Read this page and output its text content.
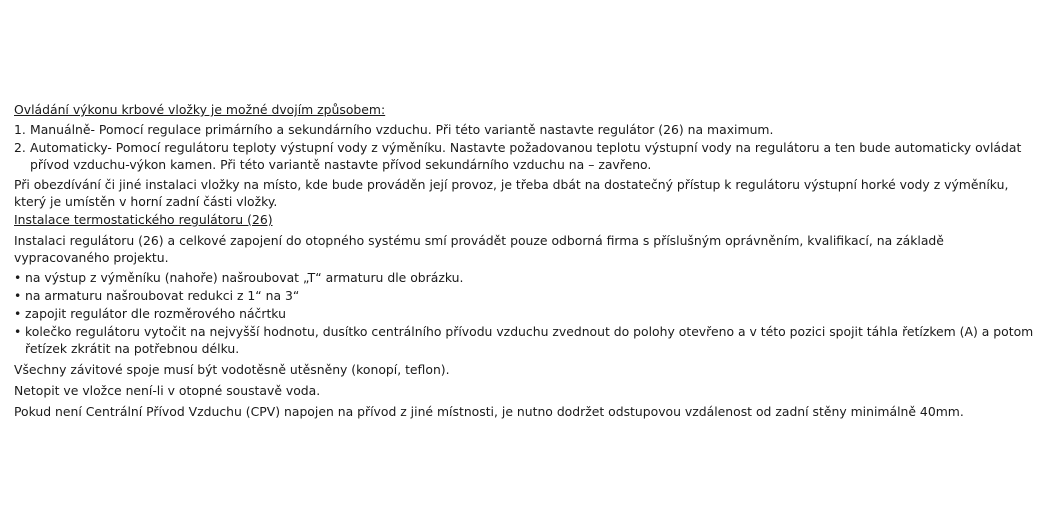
Ovládání výkonu krbové vložky je možné dvojím způsobem:
1. Manuálně- Pomocí regulace primárního a sekundárního vzduchu. Při této variantě nastavte regulátor (26) na maximum.
2. Automaticky- Pomocí regulátoru teploty výstupní vody z výměníku. Nastavte požadovanou teplotu výstupní vody na regulátoru a ten bude automaticky ovládat přívod vzduchu-výkon kamen. Při této variantě nastavte přívod sekundárního vzduchu na – zavřeno.

Při obezdívání či jiné instalaci vložky na místo, kde bude prováděn její provoz, je třeba dbát na dostatečný přístup k regulátoru výstupní horké vody z výměníku, který je umístěn v horní zadní části vložky.

Instalace termostatického regulátoru (26)

Instalaci regulátoru (26) a celkové zapojení do otopného systému smí provádět pouze odborná firma s příslušným oprávněním, kvalifikací, na základě vypracovaného projektu.

• na výstup z výměníku (nahoře) našroubovat „T“ armaturu dle obrázku.
• na armaturu našroubovat redukci z 1“ na 3“
• zapojit regulátor dle rozměrového náčrtku
• kolečko regulátoru vytočit na nejvyšší hodnotu, dusítko centrálního přívodu vzduchu zvednout do polohy otevřeno a v této pozici spojit táhla řetízkem (A) a potom řetízek zkrátit na potřebnou délku.

Všechny závitové spoje musí být vodotěsně utěsněny (konopí, teflon).

Netopit ve vložce není-li v otopné soustavě voda.

Pokud není Centrální Přívod Vzduchu (CPV) napojen na přívod z jiné místnosti, je nutno dodržet odstupovou vzdálenost od zadní stěny minimálně 40mm.
